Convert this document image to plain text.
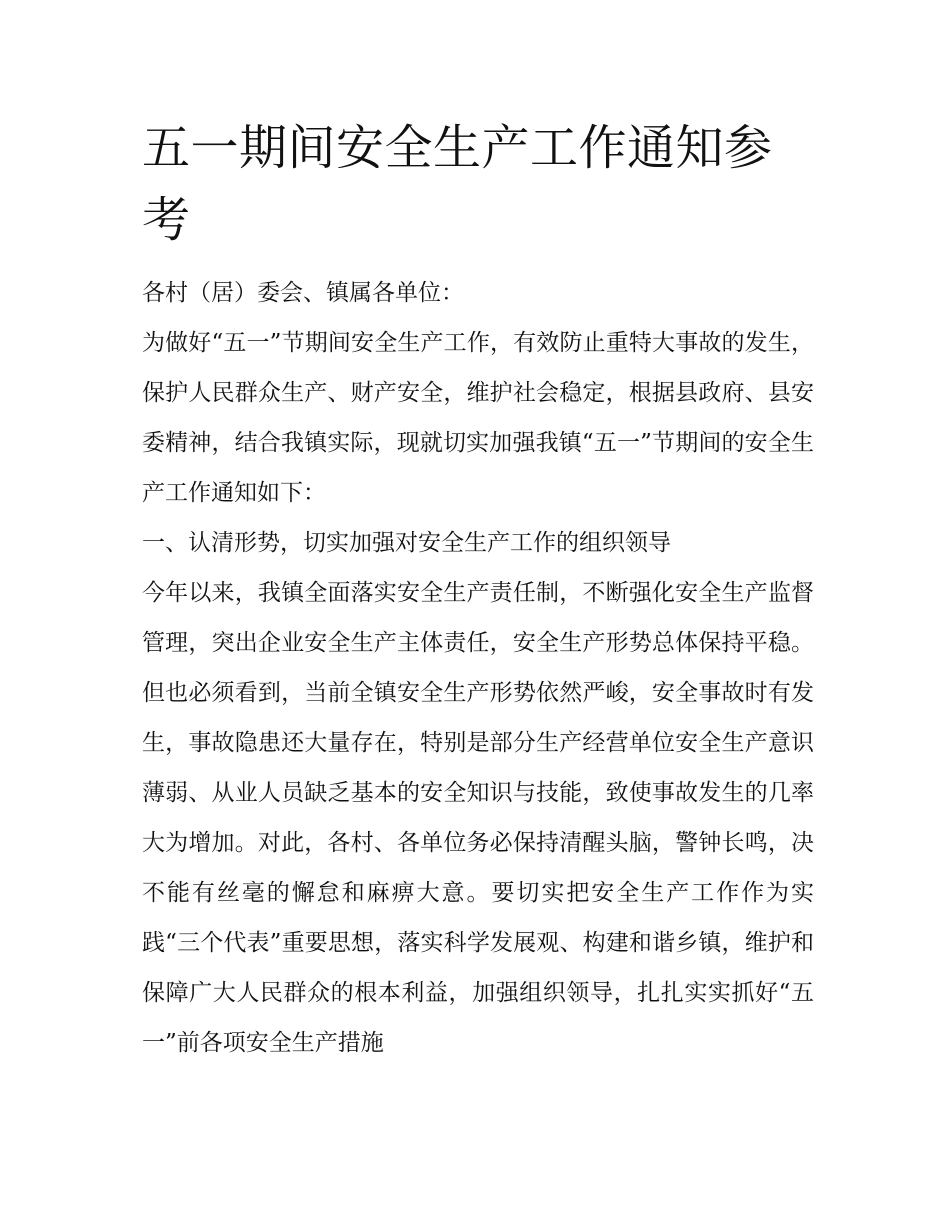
五一期间安全生产工作通知参考

各村（居）委会、镇属各单位：

为做好“五一”节期间安全生产工作，有效防止重特大事故的发生，保护人民群众生产、财产安全，维护社会稳定，根据县政府、县安委精神，结合我镇实际，现就切实加强我镇“五一”节期间的安全生产工作通知如下：

一、认清形势，切实加强对安全生产工作的组织领导

今年以来，我镇全面落实安全生产责任制，不断强化安全生产监督管理，突出企业安全生产主体责任，安全生产形势总体保持平稳。但也必须看到，当前全镇安全生产形势依然严峻，安全事故时有发生，事故隐患还大量存在，特别是部分生产经营单位安全生产意识薄弱、从业人员缺乏基本的安全知识与技能，致使事故发生的几率大为增加。对此，各村、各单位务必保持清醒头脑，警钟长鸣，决不能有丝毫的懈怠和麻痹大意。要切实把安全生产工作作为实践“三个代表”重要思想，落实科学发展观、构建和谐乡镇，维护和保障广大人民群众的根本利益，加强组织领导，扎扎实实抓好“五一”前各项安全生产措施
